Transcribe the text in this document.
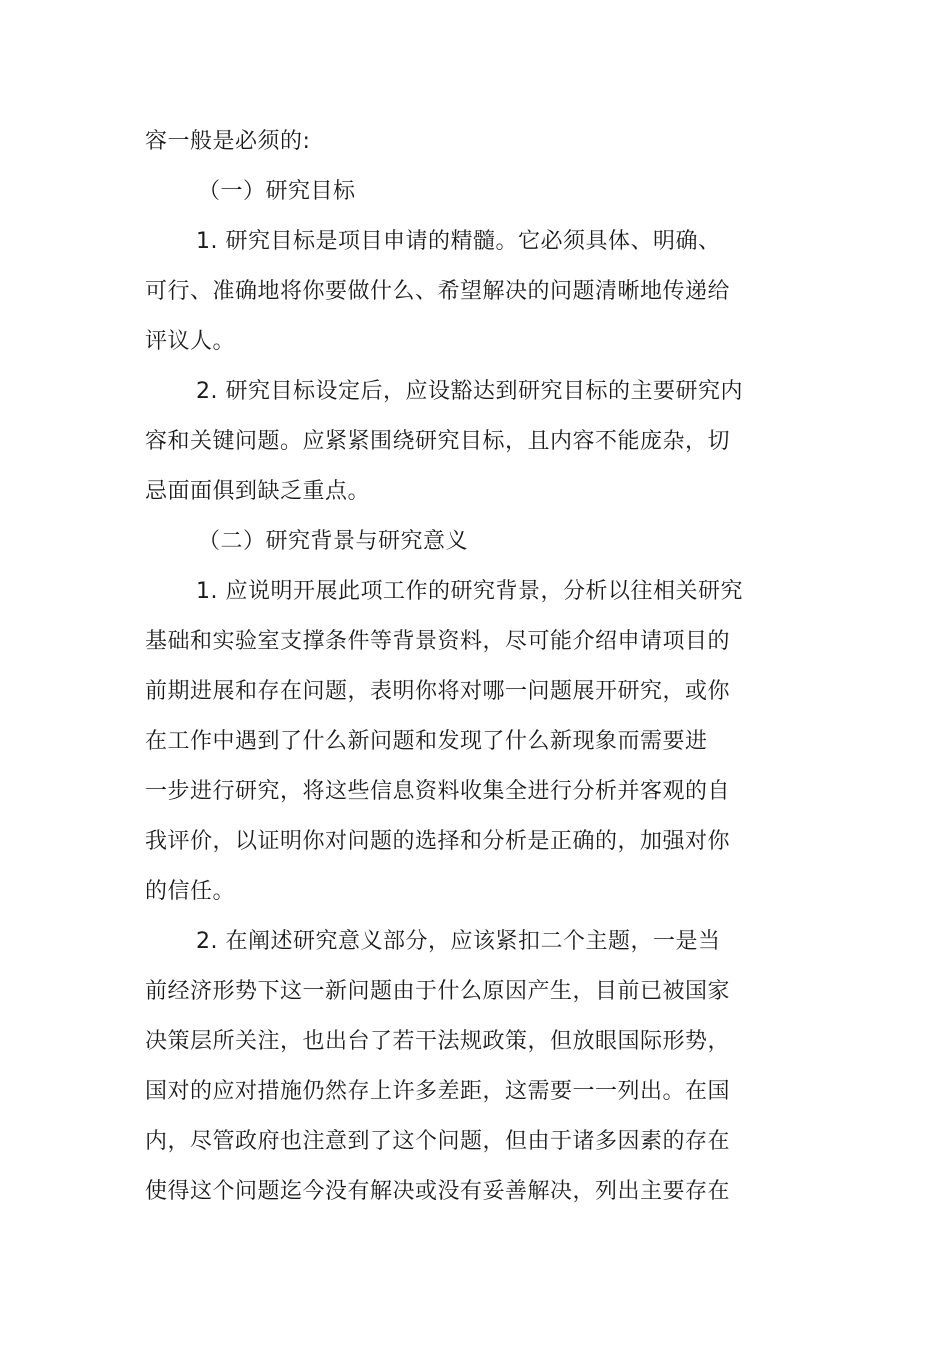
容一般是必须的:

（一）研究目标

1. 研究目标是项目申请的精髓。它必须具体、明确、

可行、准确地将你要做什么、希望解决的问题清晰地传递给

评议人。

2. 研究目标设定后，应设豁达到研究目标的主要研究内

容和关键问题。应紧紧围绕研究目标，且内容不能庞杂，切

忌面面俱到缺乏重点。

（二）研究背景与研究意义

1. 应说明开展此项工作的研究背景，分析以往相关研究

基础和实验室支撑条件等背景资料，尽可能介绍申请项目的

前期进展和存在问题，表明你将对哪一问题展开研究，或你

在工作中遇到了什么新问题和发现了什么新现象而需要进

一步进行研究，将这些信息资料收集全进行分析并客观的自

我评价，以证明你对问题的选择和分析是正确的，加强对你

的信任。

2. 在阐述研究意义部分，应该紧扣二个主题，一是当

前经济形势下这一新问题由于什么原因产生，目前已被国家

决策层所关注，也出台了若干法规政策，但放眼国际形势，

国对的应对措施仍然存上许多差距，这需要一一列出。在国

内，尽管政府也注意到了这个问题，但由于诸多因素的存在

使得这个问题迄今没有解决或没有妥善解决，列出主要存在
